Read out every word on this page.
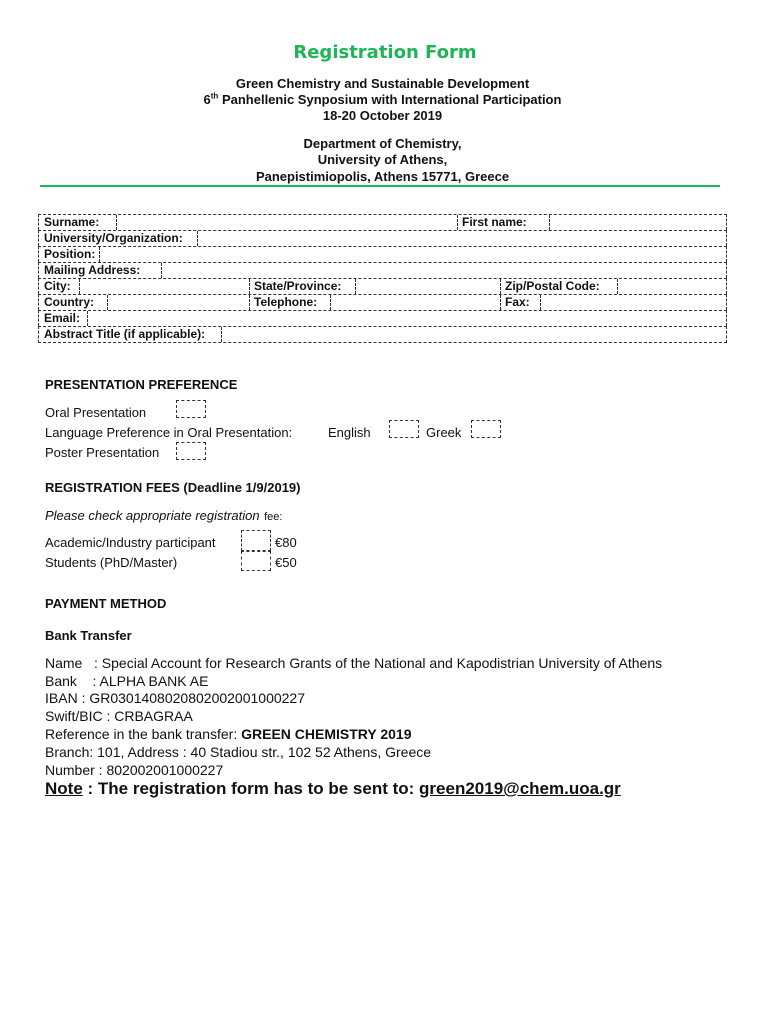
Registration Form
Green Chemistry and Sustainable Development
6th Panhellenic Synposium with International Participation
18-20 October 2019
Department of Chemistry,
University of Athens,
Panepistimiopolis, Athens 15771, Greece
Surname:	First name:
University/Organization:
Position:
Mailing Address:
City:	State/Province:	Zip/Postal Code:
Country:	Telephone:	Fax:
Email:
Abstract Title (if applicable):
PRESENTATION PREFERENCE
Oral Presentation
Language Preference in Oral Presentation:	English	Greek
Poster Presentation
REGISTRATION FEES (Deadline 1/9/2019)
Please check appropriate registration fee:
Academic/Industry participant	€80
Students (PhD/Master)	€50
PAYMENT METHOD
Bank Transfer
Name   : Special Account for Research Grants of the National and Kapodistrian University of Athens
Bank    : ALPHA BANK AE
IBAN : GR0301408020802002001000227
Swift/BIC : CRBAGRAA
Reference in the bank transfer: GREEN CHEMISTRY 2019
Branch: 101, Address : 40 Stadiou str., 102 52 Athens, Greece
Number : 802002001000227
Note : The registration form has to be sent to: green2019@chem.uoa.gr
